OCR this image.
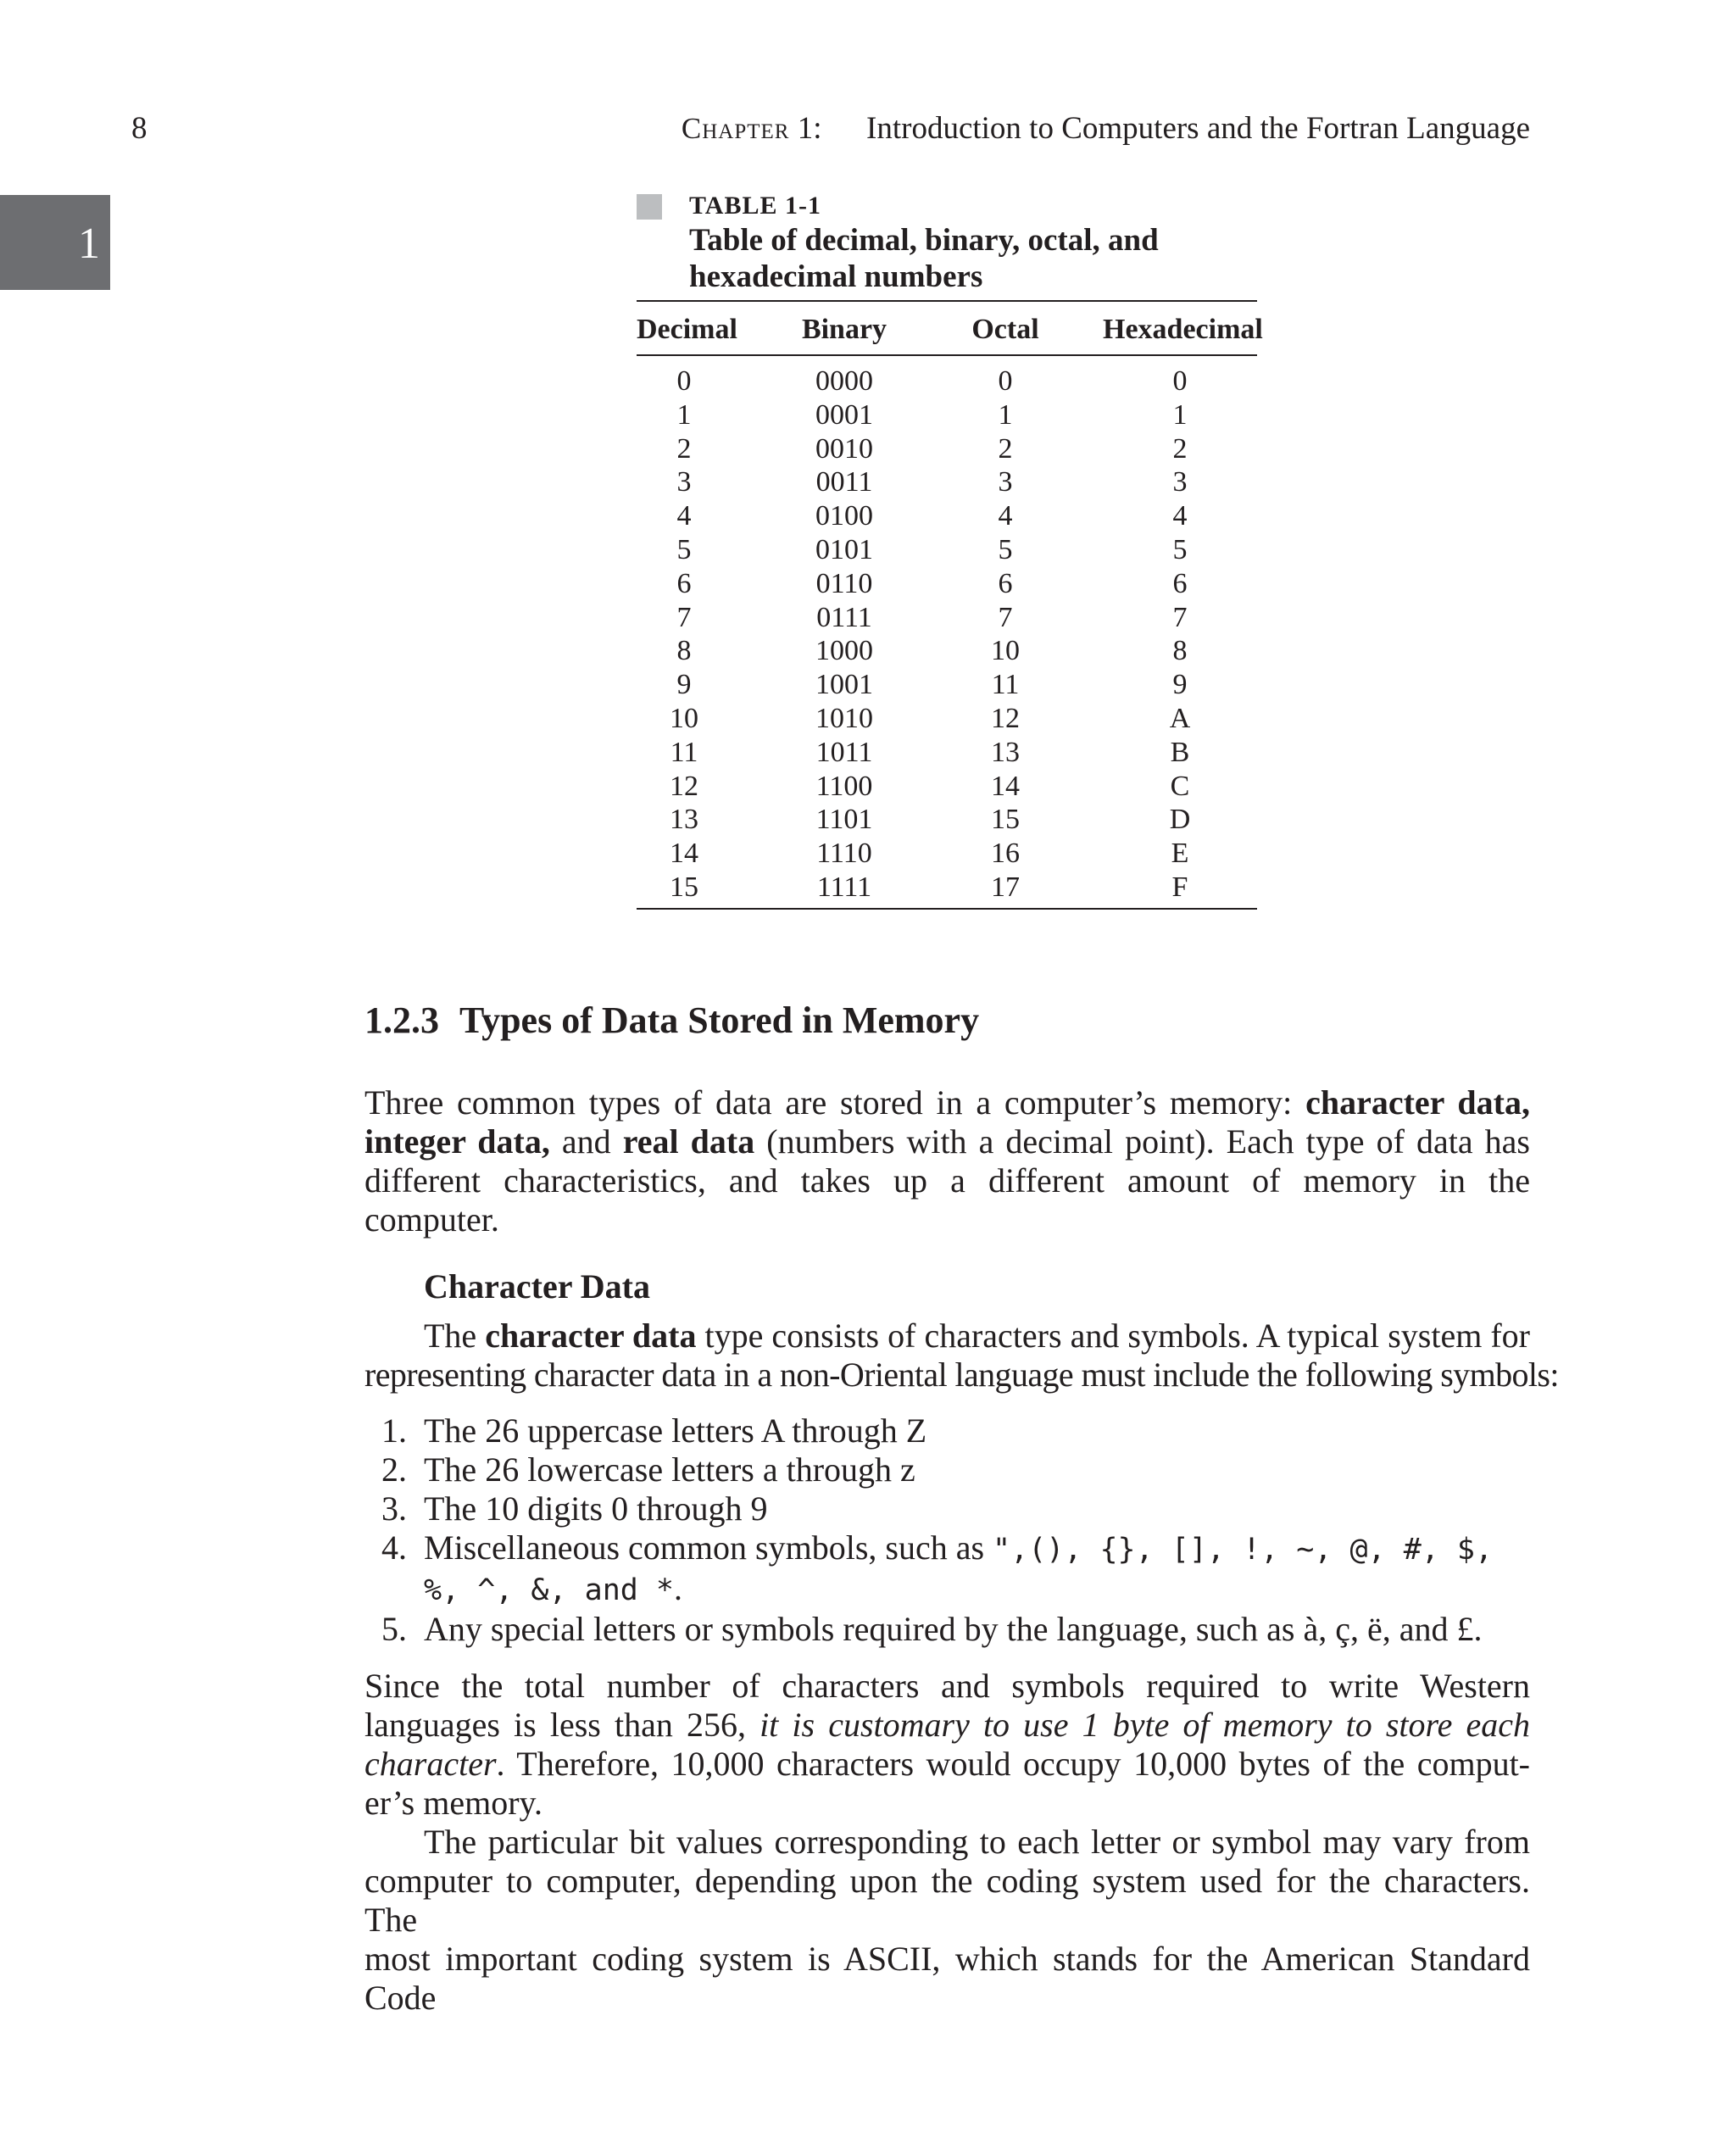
8	Chapter 1: Introduction to Computers and the Fortran Language
1
TABLE 1-1
Table of decimal, binary, octal, and hexadecimal numbers
Decimal	Binary	Octal	Hexadecimal
0	0000	0	0
1	0001	1	1
2	0010	2	2
3	0011	3	3
4	0100	4	4
5	0101	5	5
6	0110	6	6
7	0111	7	7
8	1000	10	8
9	1001	11	9
10	1010	12	A
11	1011	13	B
12	1100	14	C
13	1101	15	D
14	1110	16	E
15	1111	17	F
1.2.3 Types of Data Stored in Memory
Three common types of data are stored in a computer’s memory: character data,
integer data, and real data (numbers with a decimal point). Each type of data has
different characteristics, and takes up a different amount of memory in the
computer.
Character Data
The character data type consists of characters and symbols. A typical system for
representing character data in a non-Oriental language must include the following symbols:
1. The 26 uppercase letters A through Z
2. The 26 lowercase letters a through z
3. The 10 digits 0 through 9
4. Miscellaneous common symbols, such as ",(), {}, [], !, ~, @, #, $,
%, ^, &, and *.
5. Any special letters or symbols required by the language, such as à, ç, ë, and £.
Since the total number of characters and symbols required to write Western
languages is less than 256, it is customary to use 1 byte of memory to store each
character. Therefore, 10,000 characters would occupy 10,000 bytes of the comput-
er’s memory.
The particular bit values corresponding to each letter or symbol may vary from
computer to computer, depending upon the coding system used for the characters. The
most important coding system is ASCII, which stands for the American Standard Code
